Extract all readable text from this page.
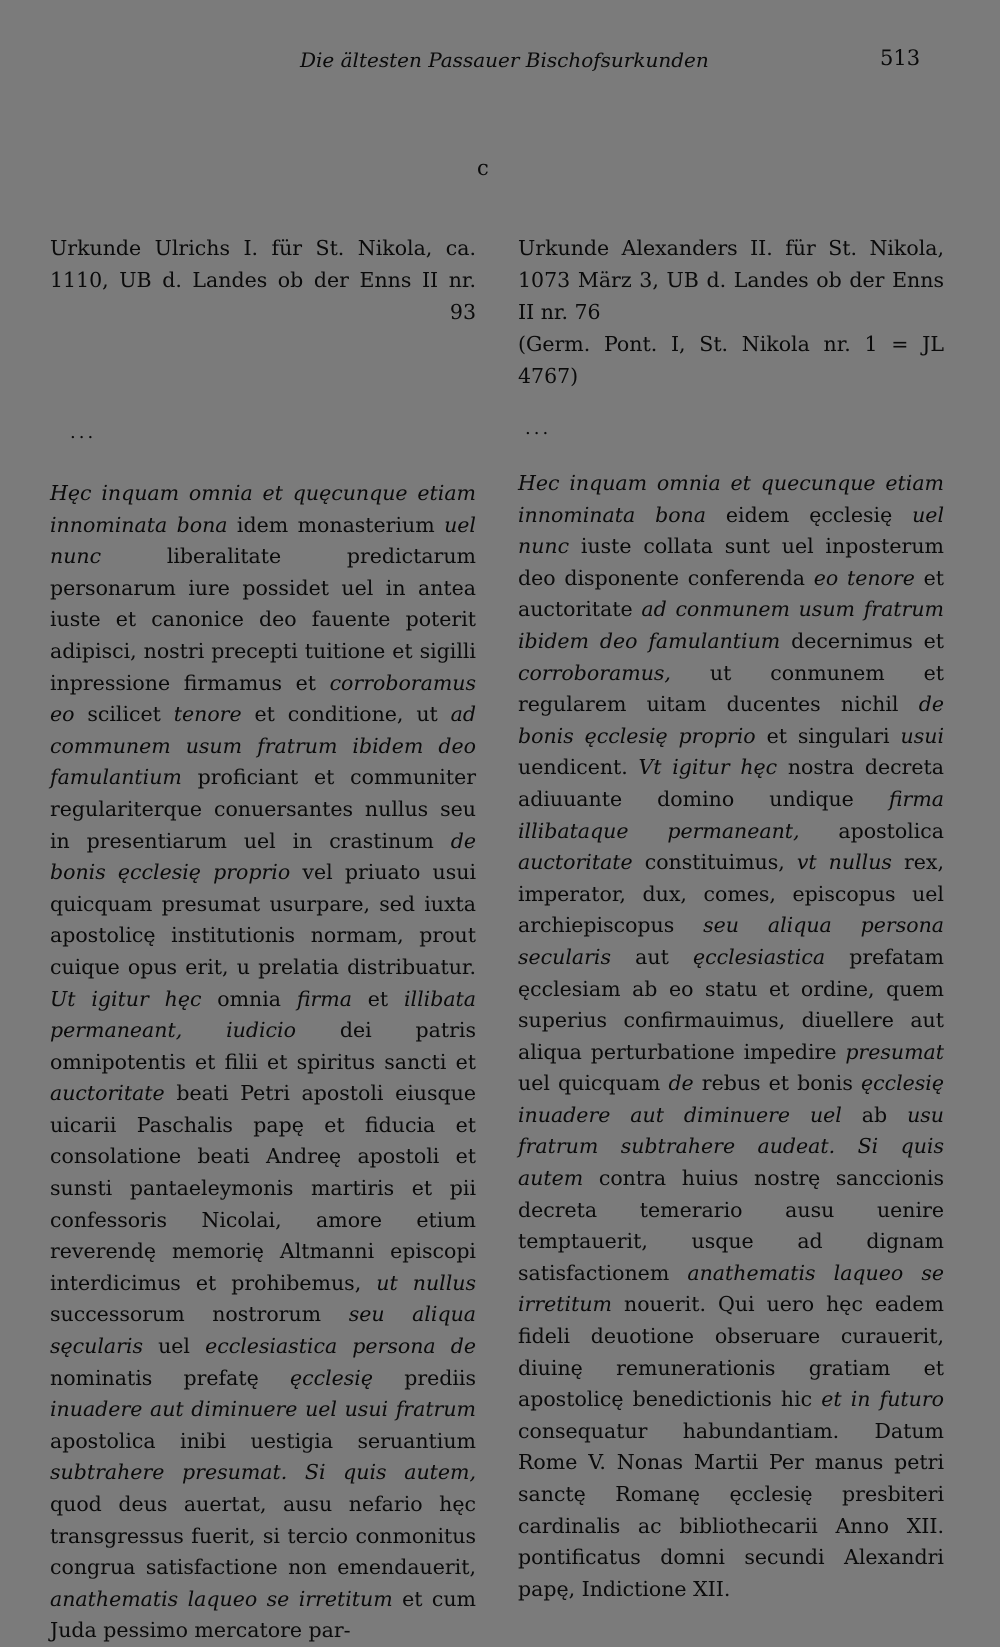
Die ältesten Passauer Bischofsurkunden	513
c
Urkunde Ulrichs I. für St. Nikola, ca. 1110, UB d. Landes ob der Enns II nr. 93
Urkunde Alexanders II. für St. Nikola, 1073 März 3, UB d. Landes ob der Enns II nr. 76
(Germ. Pont. I, St. Nikola nr. 1 = JL 4767)
...	...
Hęc inquam omnia et quęcunque etiam innominata bona idem monasterium uel nunc liberalitate predictarum personarum iure possidet uel in antea iuste et canonice deo fauente poterit adipisci, nostri precepti tuitione et sigilli inpressione firmamus et corroboramus eo scilicet tenore et conditione, ut ad communem usum fratrum ibidem deo famulantium proficiant et communiter regulariterque conuersantes nullus seu in presentiarum uel in crastinum de bonis ęcclesię proprio vel priuato usui quicquam presumat usurpare, sed iuxta apostolicę institutionis normam, prout cuique opus erit, u prelatia distribuatur. Ut igitur hęc omnia firma et illibata permaneant, iudicio dei patris omnipotentis et filii et spiritus sancti et auctoritate beati Petri apostoli eiusque uicarii Paschalis papę et fiducia et consolatione beati Andreę apostoli et sunsti pantaeleymonis martiris et pii confessoris Nicolai, amore etium reverendę memorię Altmanni episcopi interdicimus et prohibemus, ut nullus successorum nostrorum seu aliqua sęcularis uel ecclesiastica persona de nominatis prefatę ęcclesię prediis inuadere aut diminuere uel usui fratrum apostolica inibi uestigia seruantium subtrahere presumat. Si quis autem, quod deus auertat, ausu nefario hęc transgressus fuerit, si tercio conmonitus congrua satisfactione non emendauerit, anathematis laqueo se irretitum et cum Juda pessimo mercatore par-
Hec inquam omnia et quecunque etiam innominata bona eidem ęcclesię uel nunc iuste collata sunt uel inposterum deo disponente conferenda eo tenore et auctoritate ad conmunem usum fratrum ibidem deo famulantium decernimus et corroboramus, ut conmunem et regularem uitam ducentes nichil de bonis ęcclesię proprio et singulari usui uendicent. Vt igitur hęc nostra decreta adiuuante domino undique firma illibataque permaneant, apostolica auctoritate constituimus, vt nullus rex, imperator, dux, comes, episcopus uel archiepiscopus seu aliqua persona secularis aut ęcclesiastica prefatam ęcclesiam ab eo statu et ordine, quem superius confirmauimus, diuellere aut aliqua perturbatione impedire presumat uel quicquam de rebus et bonis ęcclesię inuadere aut diminuere uel ab usu fratrum subtrahere audeat. Si quis autem contra huius nostrę sanccionis decreta temerario ausu uenire temptauerit, usque ad dignam satisfactionem anathematis laqueo se irretitum nouerit. Qui uero hęc eadem fideli deuotione obseruare curauerit, diuinę remunerationis gratiam et apostolicę benedictionis hic et in futuro consequatur habundantiam. Datum Rome V. Nonas Martii Per manus petri sanctę Romanę ęcclesię presbiteri cardinalis ac bibliothecarii Anno XII. pontificatus domni secundi Alexandri papę, Indictione XII.
